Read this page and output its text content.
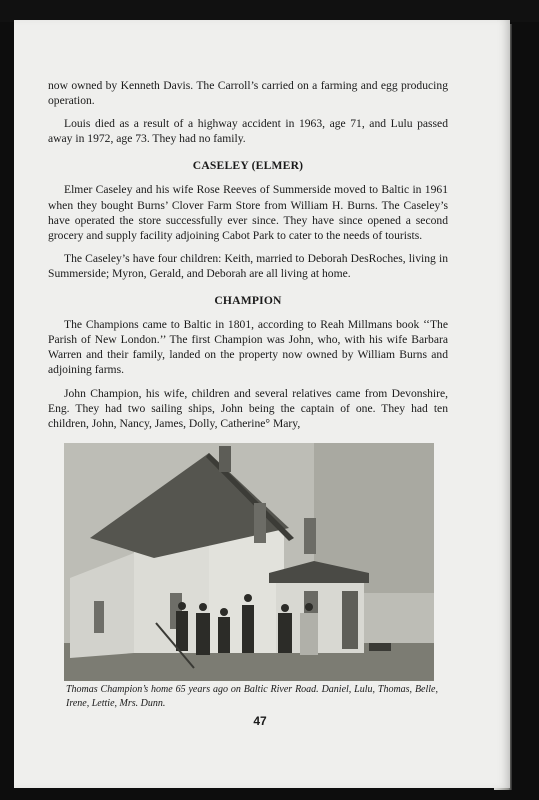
now owned by Kenneth Davis. The Carroll’s carried on a farming and egg producing operation.

Louis died as a result of a highway accident in 1963, age 71, and Lulu passed away in 1972, age 73. They had no family.

CASELEY (ELMER)

Elmer Caseley and his wife Rose Reeves of Summerside moved to Baltic in 1961 when they bought Burns’ Clover Farm Store from William H. Burns. The Caseley’s have operated the store successfully ever since. They have since opened a second grocery and supply facility adjoining Cabot Park to cater to the needs of tourists.

The Caseley’s have four children: Keith, married to Deborah DesRoches, living in Summerside; Myron, Gerald, and Deborah are all living at home.

CHAMPION

The Champions came to Baltic in 1801, according to Reah Millmans book ‘‘The Parish of New London.’’ The first Champion was John, who, with his wife Barbara Warren and their family, landed on the property now owned by William Burns and adjoining farms.

John Champion, his wife, children and several relatives came from Devonshire, Eng. They had two sailing ships, John being the captain of one. They had ten children, John, Nancy, James, Dolly, Catherine° Mary,

Thomas Champion’s home 65 years ago on Baltic River Road. Daniel, Lulu, Thomas, Belle, Irene, Lettie, Mrs. Dunn.
47
